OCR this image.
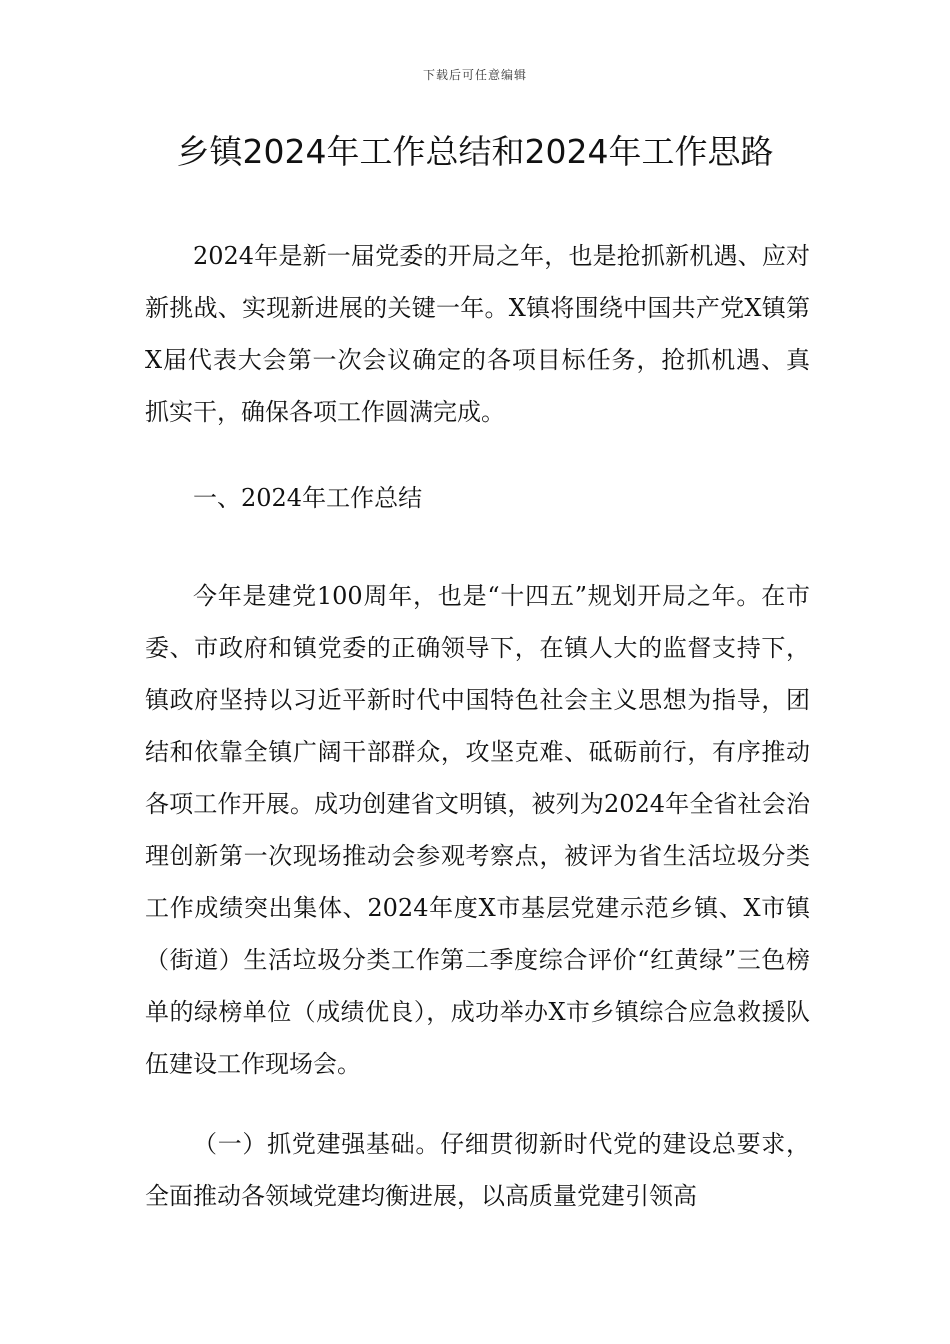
下载后可任意编辑
乡镇2024年工作总结和2024年工作思路

2024年是新一届党委的开局之年，也是抢抓新机遇、应对新挑战、实现新进展的关键一年。X镇将围绕中国共产党X镇第X届代表大会第一次会议确定的各项目标任务，抢抓机遇、真抓实干，确保各项工作圆满完成。

一、2024年工作总结

今年是建党100周年，也是“十四五”规划开局之年。在市委、市政府和镇党委的正确领导下，在镇人大的监督支持下，镇政府坚持以习近平新时代中国特色社会主义思想为指导，团结和依靠全镇广阔干部群众，攻坚克难、砥砺前行，有序推动各项工作开展。成功创建省文明镇，被列为2024年全省社会治理创新第一次现场推动会参观考察点，被评为省生活垃圾分类工作成绩突出集体、2024年度X市基层党建示范乡镇、X市镇（街道）生活垃圾分类工作第二季度综合评价“红黄绿”三色榜单的绿榜单位（成绩优良），成功举办X市乡镇综合应急救援队伍建设工作现场会。

（一）抓党建强基础。仔细贯彻新时代党的建设总要求，全面推动各领域党建均衡进展，以高质量党建引领高
